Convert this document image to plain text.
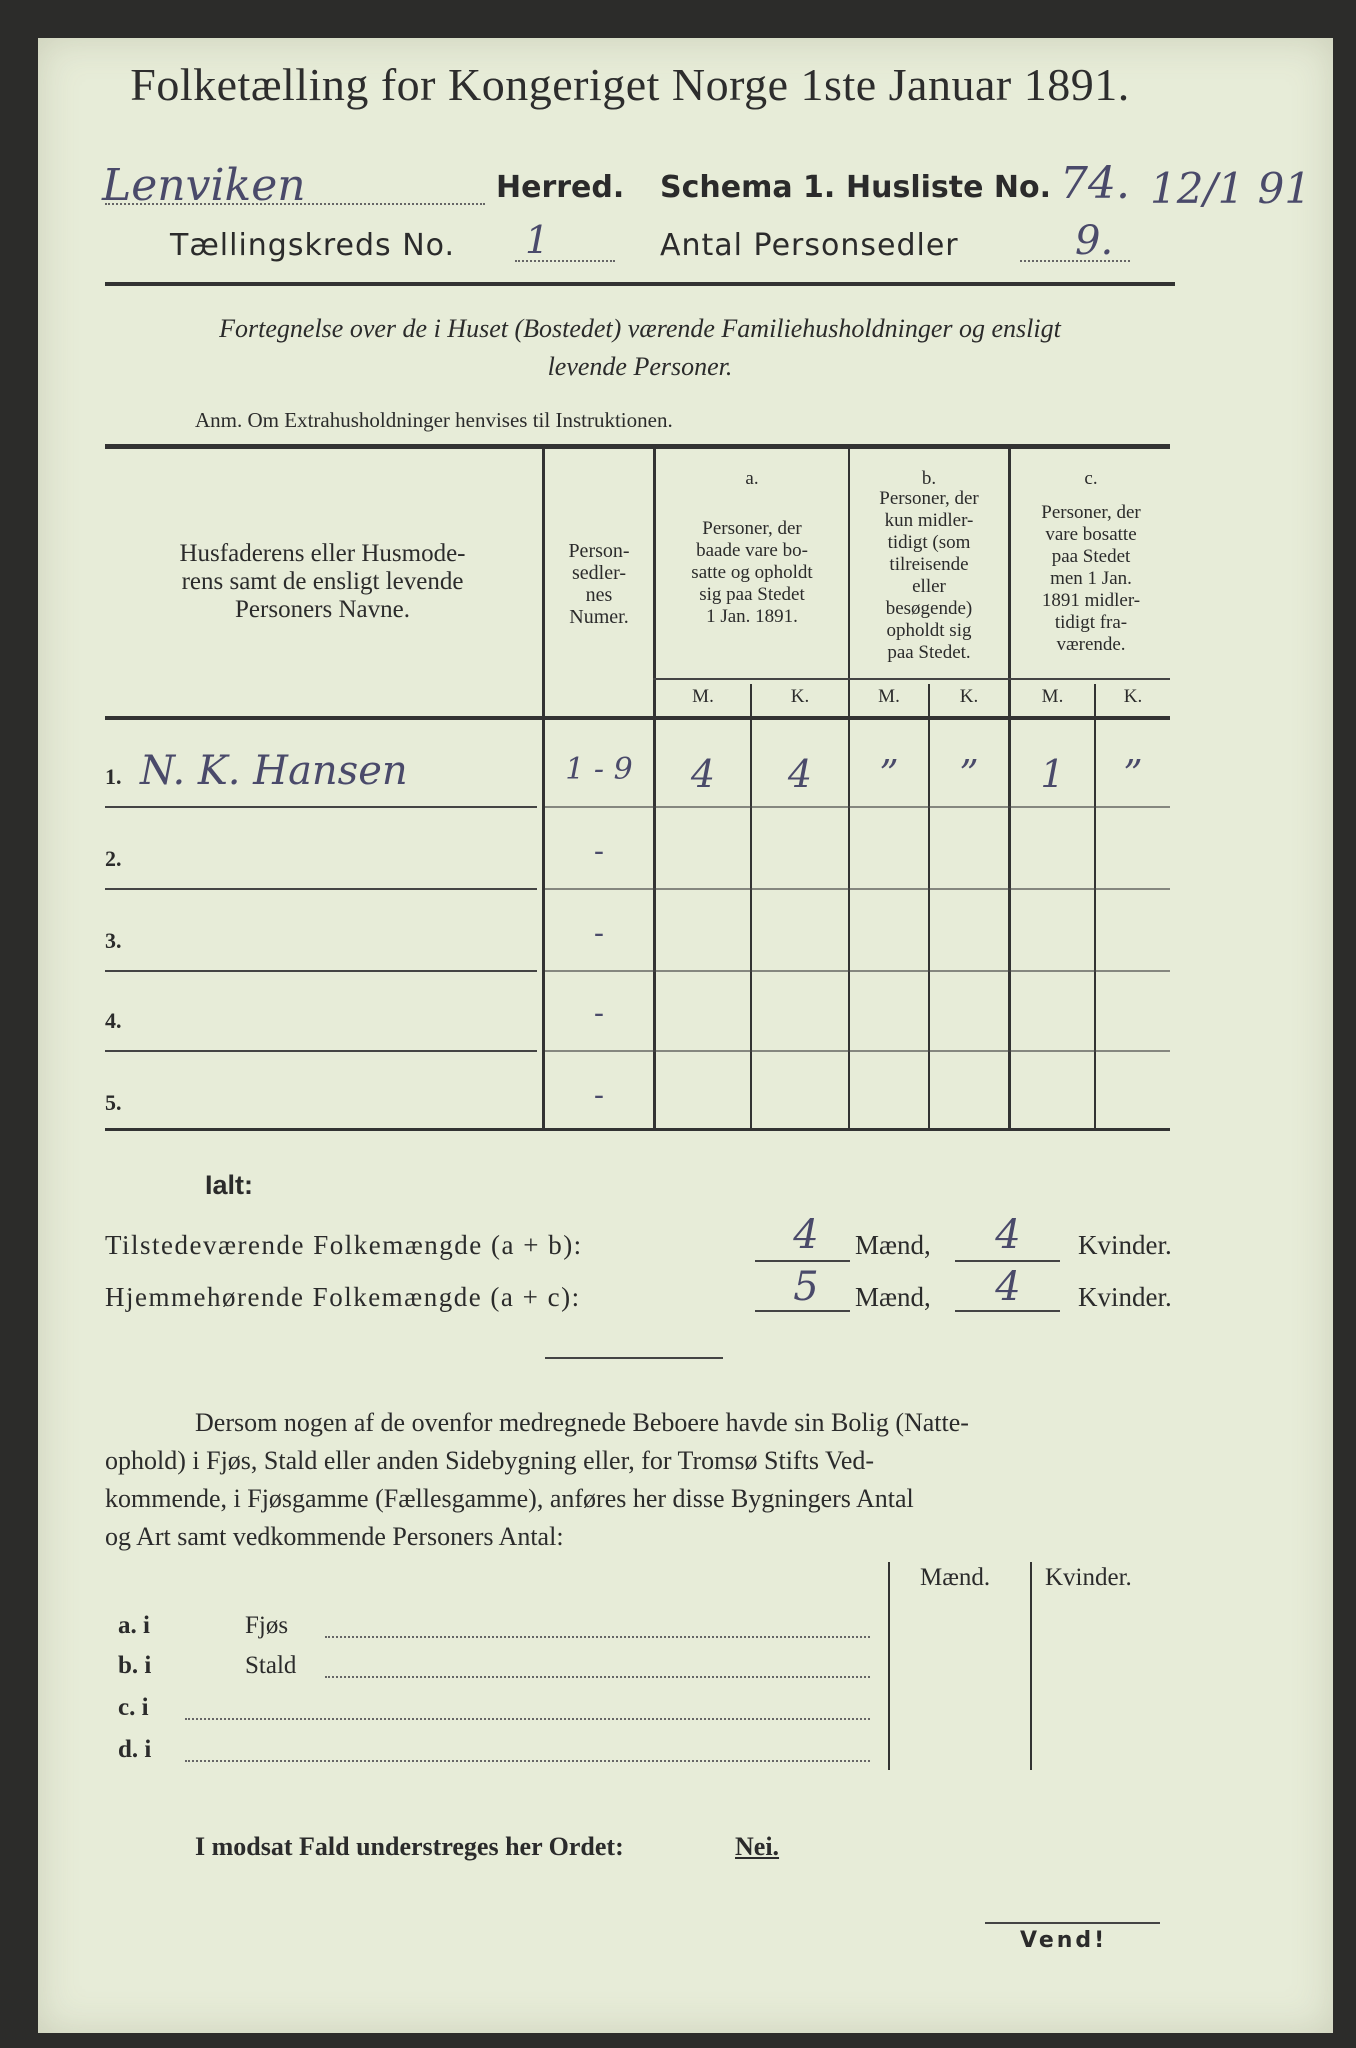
Folketælling for Kongeriget Norge 1ste Januar 1891.
Lenviken	Herred. Schema 1. Husliste No. 74. 12/1 91
Tællingskreds No. 1	Antal Personsedler	9.
Fortegnelse over de i Huset (Bostedet) værende Familiehusholdninger og ensligt
levende Personer.
Anm. Om Extrahusholdninger henvises til Instruktionen.
Husfaderens eller Husmode-
rens samt de ensligt levende
Personers Navne.
Person-
sedler-
nes
Numer.
a.
Personer, der
baade vare bo-
satte og opholdt
sig paa Stedet
1 Jan. 1891.
b.
Personer, der
kun midler-
tidigt (som
tilreisende
eller
besøgende)
opholdt sig
paa Stedet.
c.
Personer, der
vare bosatte
paa Stedet
men 1 Jan.
1891 midler-
tidigt fra-
værende.
M.	K.	M.	K.	M.	K.
1. N. K. Hansen	1 - 9	4	4	”	”	1	”
2.	-
3.	-
4.	-
5.	-
Ialt:
Tilstedeværende Folkemængde (a + b):	4	Mænd,	4	Kvinder.
Hjemmehørende Folkemængde (a + c):	5	Mænd,	4	Kvinder.
Dersom nogen af de ovenfor medregnede Beboere havde sin Bolig (Natte-
ophold) i Fjøs, Stald eller anden Sidebygning eller, for Tromsø Stifts Ved-
kommende, i Fjøsgamme (Fællesgamme), anføres her disse Bygningers Antal
og Art samt vedkommende Personers Antal:
Mænd. Kvinder.
a. i	Fjøs
b. i	Stald
c. i
d. i
I modsat Fald understreges her Ordet:	Nei.
Vend!
